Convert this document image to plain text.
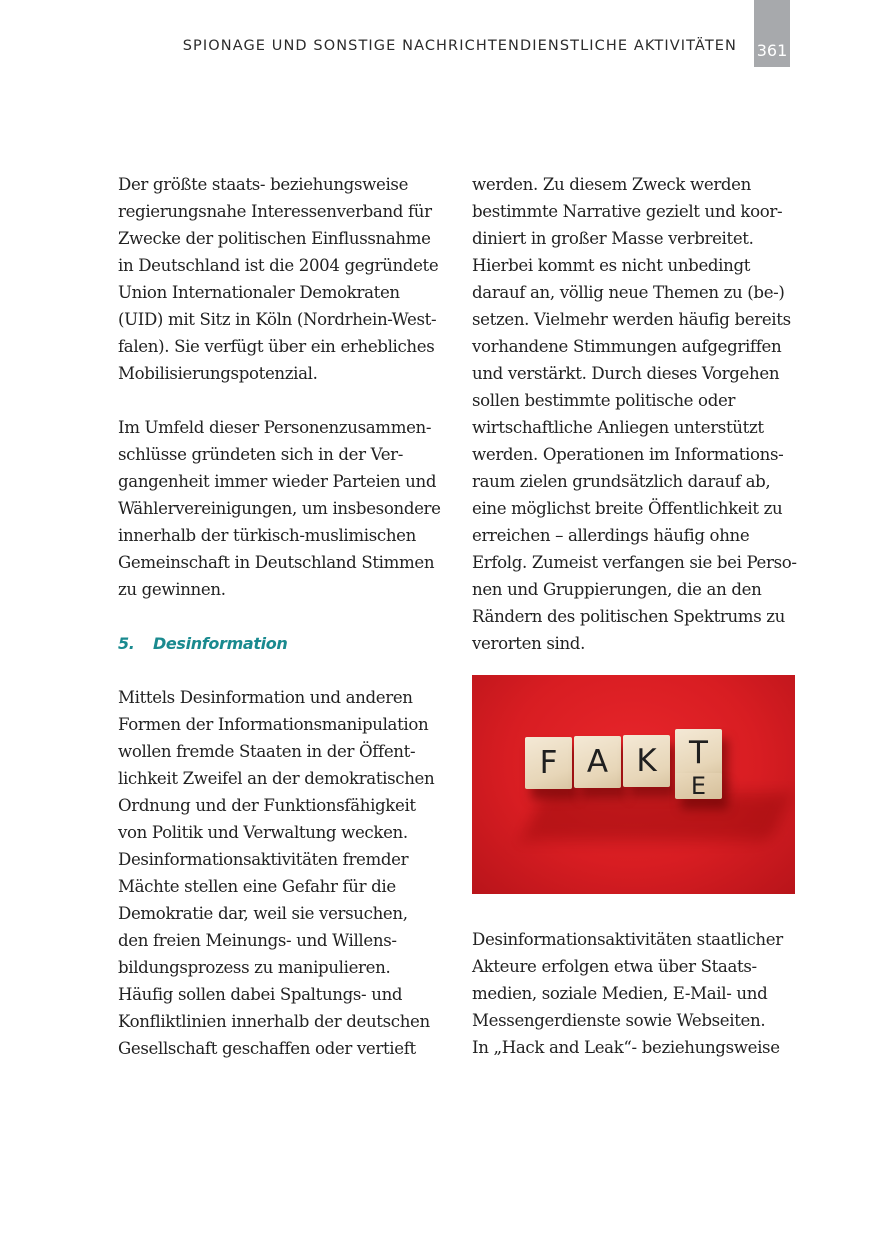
SPIONAGE UND SONSTIGE NACHRICHTENDIENSTLICHE AKTIVITÄTEN 361
Der größte staats- beziehungsweise
regierungsnahe Interessenverband für
Zwecke der politischen Einflussnahme
in Deutschland ist die 2004 gegründete
Union Internationaler Demokraten
(UID) mit Sitz in Köln (Nordrhein-West-
falen). Sie verfügt über ein erhebliches
Mobilisierungspotenzial.
Im Umfeld dieser Personenzusammen-
schlüsse gründeten sich in der Ver-
gangenheit immer wieder Parteien und
Wählervereinigungen, um insbesondere
innerhalb der türkisch-muslimischen
Gemeinschaft in Deutschland Stimmen
zu gewinnen.
5. Desinformation
Mittels Desinformation und anderen
Formen der Informationsmanipulation
wollen fremde Staaten in der Öffent-
lichkeit Zweifel an der demokratischen
Ordnung und der Funktionsfähigkeit
von Politik und Verwaltung wecken.
Desinformationsaktivitäten fremder
Mächte stellen eine Gefahr für die
Demokratie dar, weil sie versuchen,
den freien Meinungs- und Willens-
bildungsprozess zu manipulieren.
Häufig sollen dabei Spaltungs- und
Konfliktlinien innerhalb der deutschen
Gesellschaft geschaffen oder vertieft
werden. Zu diesem Zweck werden
bestimmte Narrative gezielt und koor-
diniert in großer Masse verbreitet.
Hierbei kommt es nicht unbedingt
darauf an, völlig neue Themen zu (be-)
setzen. Vielmehr werden häufig bereits
vorhandene Stimmungen aufgegriffen
und verstärkt. Durch dieses Vorgehen
sollen bestimmte politische oder
wirtschaftliche Anliegen unterstützt
werden. Operationen im Informations-
raum zielen grundsätzlich darauf ab,
eine möglichst breite Öffentlichkeit zu
erreichen – allerdings häufig ohne
Erfolg. Zumeist verfangen sie bei Perso-
nen und Gruppierungen, die an den
Rändern des politischen Spektrums zu
verorten sind.
F A K	T
E
Desinformationsaktivitäten staatlicher
Akteure erfolgen etwa über Staats-
medien, soziale Medien, E-Mail- und
Messengerdienste sowie Webseiten.
In „Hack and Leak“- beziehungsweise
